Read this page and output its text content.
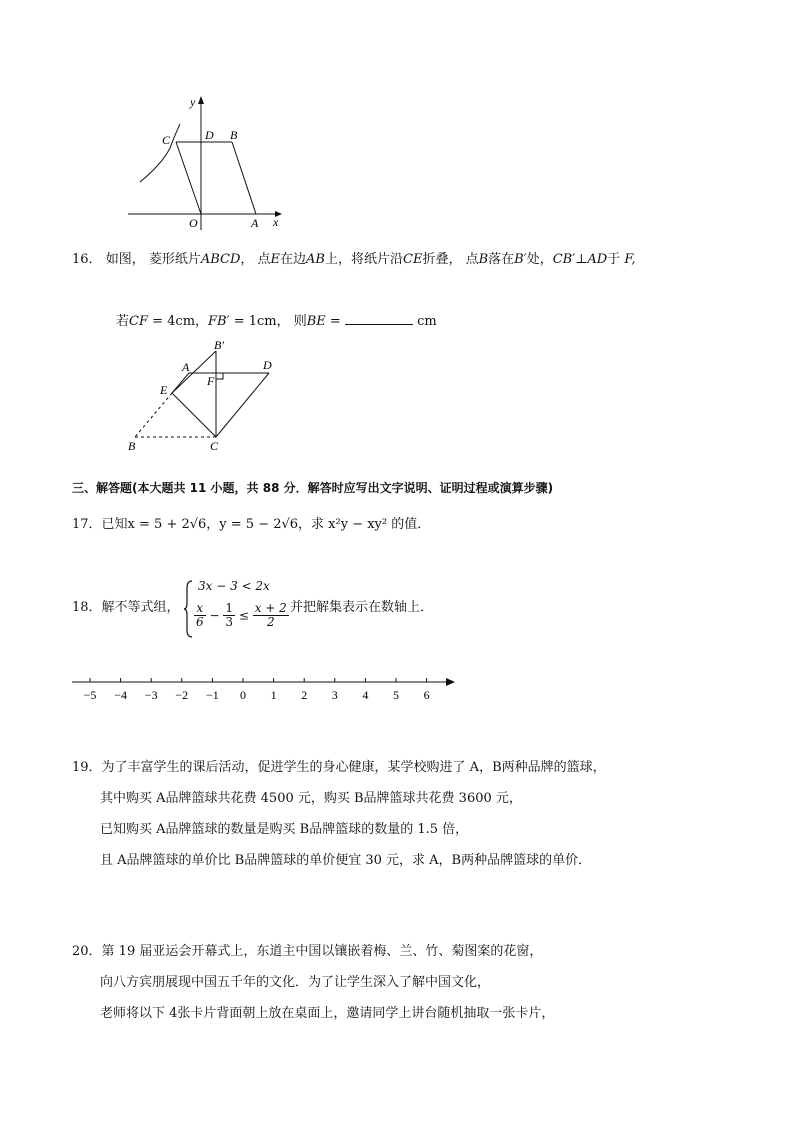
x
y
C	D B
O	A
16． 如图， 菱形纸片ABCD， 点E在边AB上，将纸片沿CE折叠， 点B落在B′处，CB′⊥AD于 F,
若CF = 4cm，FB′ = 1cm， 则BE =	cm
B′
A	D
E
F
B	C
三、解答题(本大题共 11 小题，共 88 分．解答时应写出文字说明、证明过程或演算步骤)
17．已知x = 5 + 2√6，y = 5 − 2√6，求 x²y − xy² 的值．
18．解不等式组，
3x − 3 < 2x
$\frac{x}{6} - \frac{1}{3} \le \frac{x + 2}{2}$ 并把解集表示在数轴上．
−5 −4 −3 −2 −1 0 1 2 3 4 5 6
19．为了丰富学生的课后活动，促进学生的身心健康，某学校购进了 A，B两种品牌的篮球，
其中购买 A品牌篮球共花费 4500 元，购买 B品牌篮球共花费 3600 元，
已知购买 A品牌篮球的数量是购买 B品牌篮球的数量的 1.5 倍，
且 A品牌篮球的单价比 B品牌篮球的单价便宜 30 元，求 A，B两种品牌篮球的单价．
20．第 19 届亚运会开幕式上，东道主中国以镶嵌着梅、兰、竹、菊图案的花窗，
向八方宾朋展现中国五千年的文化．为了让学生深入了解中国文化，
老师将以下 4张卡片背面朝上放在桌面上，邀请同学上讲台随机抽取一张卡片，
